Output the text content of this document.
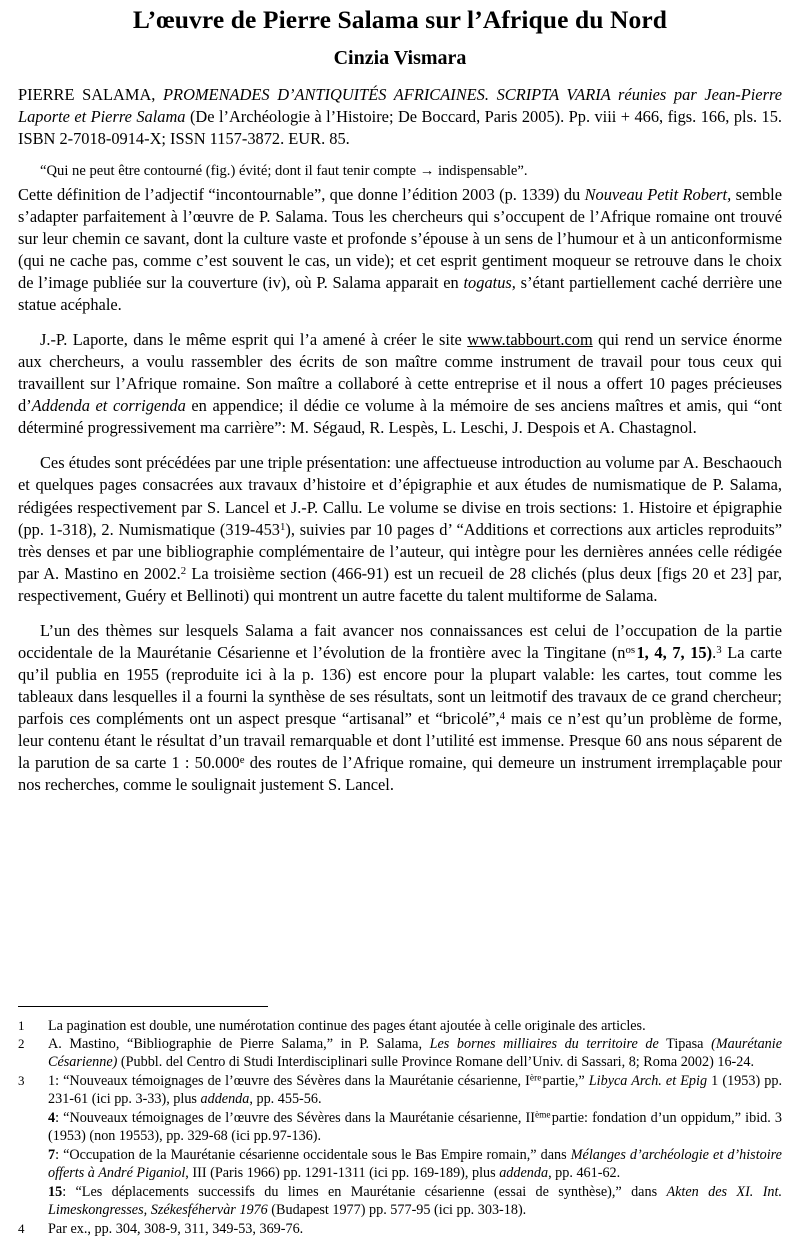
L’œuvre de Pierre Salama sur l’Afrique du Nord
Cinzia Vismara

PIERRE SALAMA, PROMENADES D’ANTIQUITÉS AFRICAINES. SCRIPTA VARIA réunies par Jean-Pierre Laporte et Pierre Salama (De l’Archéologie à l’Histoire; De Boccard, Paris 2005). Pp. viii + 466, figs. 166, pls. 15. ISBN 2-7018-0914-X; ISSN 1157-3872. EUR. 85.

“Qui ne peut être contourné (fig.) évité; dont il faut tenir compte → indispensable”.

Cette définition de l’adjectif “incontournable”, que donne l’édition 2003 (p. 1339) du Nouveau Petit Robert, semble s’adapter parfaitement à l’œuvre de P. Salama. Tous les chercheurs qui s’occupent de l’Afrique romaine ont trouvé sur leur chemin ce savant, dont la culture vaste et profonde s’épouse à un sens de l’humour et à un anticonformisme (qui ne cache pas, comme c’est souvent le cas, un vide); et cet esprit gentiment moqueur se retrouve dans le choix de l’image publiée sur la couverture (iv), où P. Salama apparait en togatus, s’étant partiellement caché derrière une statue acéphale.

J.-P. Laporte, dans le même esprit qui l’a amené à créer le site www.tabbourt.com qui rend un service énorme aux chercheurs, a voulu rassembler des écrits de son maître comme instrument de travail pour tous ceux qui travaillent sur l’Afrique romaine. Son maître a collaboré à cette entreprise et il nous a offert 10 pages précieuses d’Addenda et corrigenda en appendice; il dédie ce volume à la mémoire de ses anciens maîtres et amis, qui “ont déterminé progressivement ma carrière”: M. Ségaud, R. Lespès, L. Leschi, J. Despois et A. Chastagnol.

Ces études sont précédées par une triple présentation: une affectueuse introduction au volume par A. Beschaouch et quelques pages consacrées aux travaux d’histoire et d’épigraphie et aux études de numismatique de P. Salama, rédigées respectivement par S. Lancel et J.-P. Callu. Le volume se divise en trois sections: 1. Histoire et épigraphie (pp. 1-318), 2. Numismatique $(319-453^1)$, suivies par 10 pages d’ “Additions et corrections aux articles reproduits” très denses et par une bibliographie complémentaire de l’auteur, qui intègre pour les dernières années celle rédigée par A. Mastino en 2002.$^2$ La troisième section (466-91) est un recueil de 28 clichés (plus deux [figs 20 et 23] par, respectivement, Guéry et Bellinoti) qui montrent un autre facette du talent multiforme de Salama.

L’un des thèmes sur lesquels Salama a fait avancer nos connaissances est celui de l’occupation de la partie occidentale de la Maurétanie Césarienne et l’évolution de la frontière avec la Tingitane ($n^{os}$ 1, 4, 7, 15).$^3$ La carte qu’il publia en 1955 (reproduite ici à la p. 136) est encore pour la plupart valable: les cartes, tout comme les tableaux dans lesquelles il a fourni la synthèse de ses résultats, sont un leitmotif des travaux de ce grand chercheur; parfois ces compléments ont un aspect presque “artisanal” et “bricolé”,$^4$ mais ce n’est qu’un problème de forme, leur contenu étant le résultat d’un travail remarquable et dont l’utilité est immense. Presque 60 ans nous séparent de la parution de sa carte 1 : 50.000e des routes de l’Afrique romaine, qui demeure un instrument irremplaçable pour nos recherches, comme le soulignait justement S. Lancel.

1	La pagination est double, une numérotation continue des pages étant ajoutée à celle originale des articles.
2	A. Mastino, “Bibliographie de Pierre Salama,” in P. Salama, Les bornes milliaires du territoire de Tipasa (Maurétanie Césarienne) (Pubbl. del Centro di Studi Interdisciplinari sulle Province Romane dell’Univ. di Sassari, 8; Roma 2002) 16-24.
3	1: “Nouveaux témoignages de l’œuvre des Sévères dans la Maurétanie césarienne, Ière partie,” Libyca Arch. et Epig 1 (1953) pp. 231-61 (ici pp. 3-33), plus addenda, pp. 455-56.
4: “Nouveaux témoignages de l’œuvre des Sévères dans la Maurétanie césarienne, IIème partie: fondation d’un oppidum,” ibid. 3 (1953) (non 19553), pp. 329-68 (ici pp. 97-136).
7: “Occupation de la Maurétanie césarienne occidentale sous le Bas Empire romain,” dans Mélanges d’archéologie et d’histoire offerts à André Piganiol, III (Paris 1966) pp. 1291-1311 (ici pp. 169-189), plus addenda, pp. 461-62.
15: “Les déplacements successifs du limes en Maurétanie césarienne (essai de synthèse),” dans Akten des XI. Int. Limeskongresses, Székesféhervàr 1976 (Budapest 1977) pp. 577-95 (ici pp. 303-18).
4	Par ex., pp. 304, 308-9, 311, 349-53, 369-76.
